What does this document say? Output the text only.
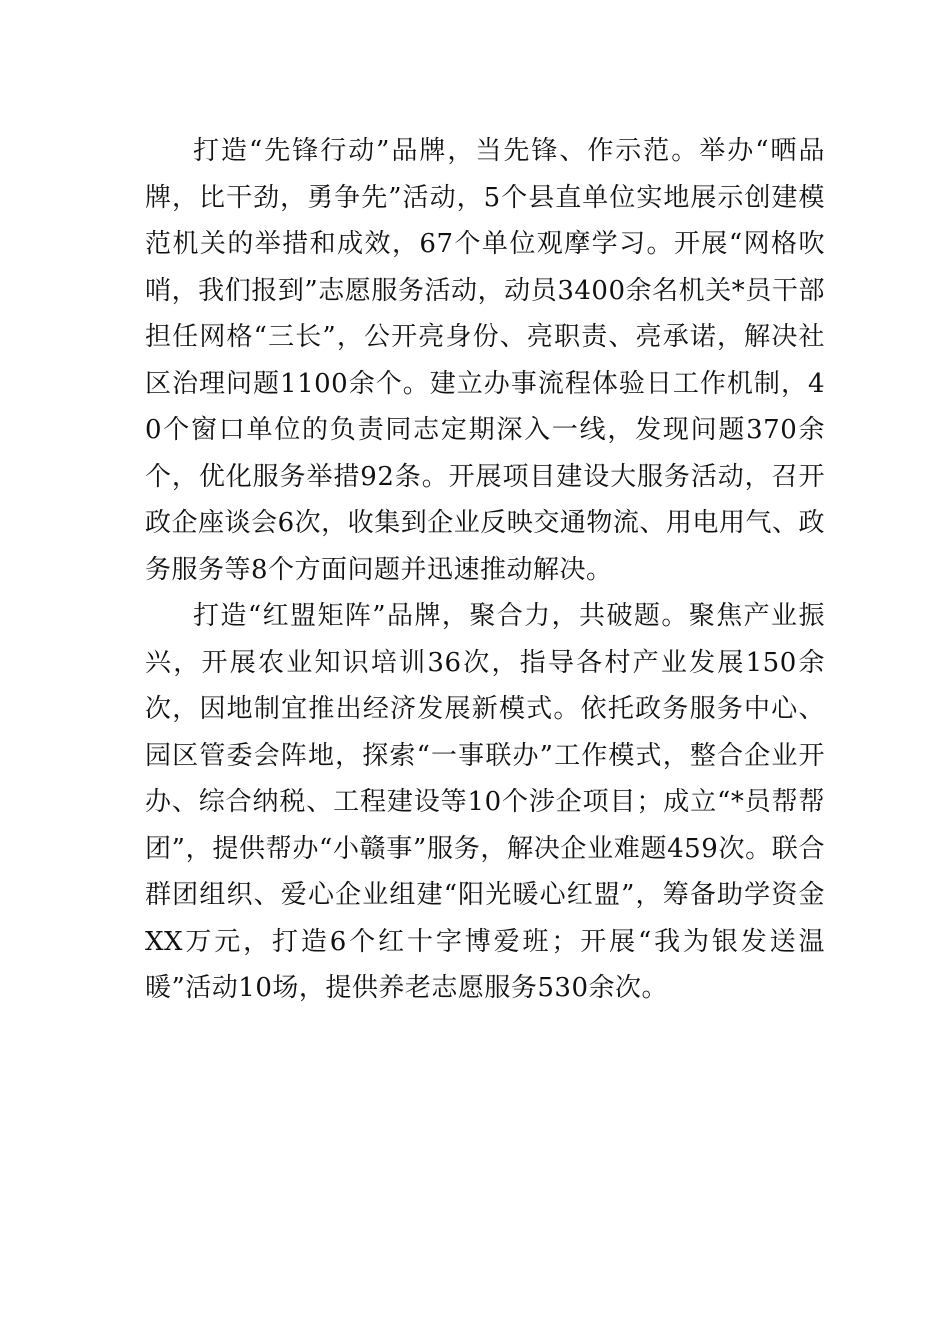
打造“先锋行动”品牌，当先锋、作示范。举办“晒品牌，比干劲，勇争先”活动，5个县直单位实地展示创建模范机关的举措和成效，67个单位观摩学习。开展“网格吹哨，我们报到”志愿服务活动，动员3400余名机关*员干部担任网格“三长”，公开亮身份、亮职责、亮承诺，解决社区治理问题1100余个。建立办事流程体验日工作机制，40个窗口单位的负责同志定期深入一线，发现问题370余个，优化服务举措92条。开展项目建设大服务活动，召开政企座谈会6次，收集到企业反映交通物流、用电用气、政务服务等8个方面问题并迅速推动解决。

打造“红盟矩阵”品牌，聚合力，共破题。聚焦产业振兴，开展农业知识培训36次，指导各村产业发展150余次，因地制宜推出经济发展新模式。依托政务服务中心、园区管委会阵地，探索“一事联办”工作模式，整合企业开办、综合纳税、工程建设等10个涉企项目；成立“*员帮帮团”，提供帮办“小赣事”服务，解决企业难题459次。联合群团组织、爱心企业组建“阳光暖心红盟”，筹备助学资金XX万元，打造6个红十字博爱班；开展“我为银发送温暖”活动10场，提供养老志愿服务530余次。
